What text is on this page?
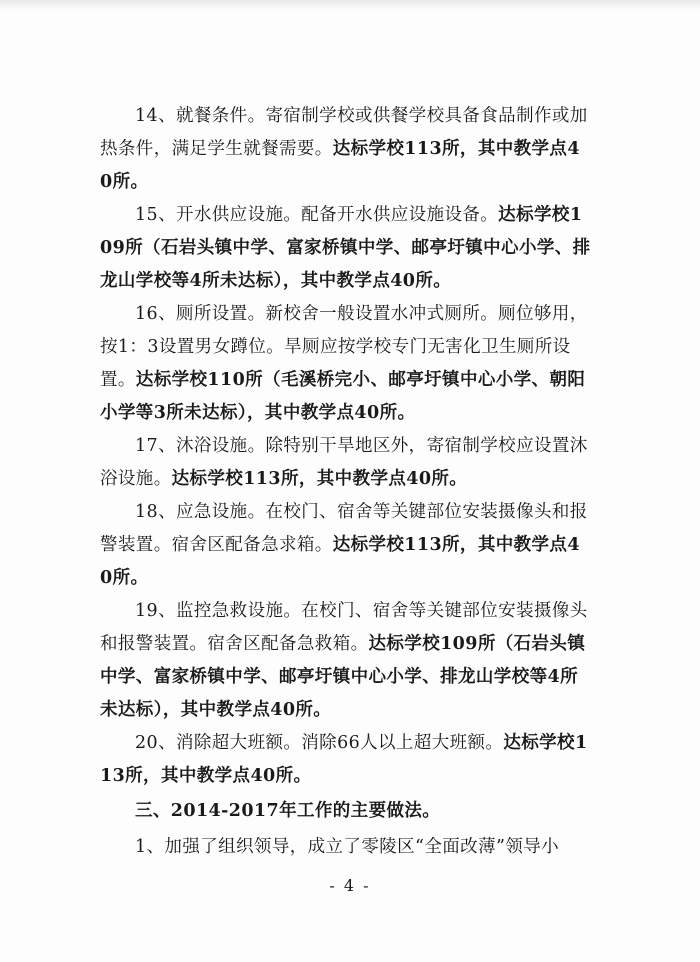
14、就餐条件。寄宿制学校或供餐学校具备食品制作或加热条件，满足学生就餐需要。达标学校113所，其中教学点40所。

15、开水供应设施。配备开水供应设施设备。达标学校109所（石岩头镇中学、富家桥镇中学、邮亭圩镇中心小学、排龙山学校等4所未达标），其中教学点40所。

16、厕所设置。新校舍一般设置水冲式厕所。厕位够用，按1：3设置男女蹲位。旱厕应按学校专门无害化卫生厕所设置。达标学校110所（毛溪桥完小、邮亭圩镇中心小学、朝阳小学等3所未达标），其中教学点40所。

17、沐浴设施。除特别干旱地区外，寄宿制学校应设置沐浴设施。达标学校113所，其中教学点40所。

18、应急设施。在校门、宿舍等关键部位安装摄像头和报警装置。宿舍区配备急求箱。达标学校113所，其中教学点40所。

19、监控急救设施。在校门、宿舍等关键部位安装摄像头和报警装置。宿舍区配备急救箱。达标学校109所（石岩头镇中学、富家桥镇中学、邮亭圩镇中心小学、排龙山学校等4所未达标），其中教学点40所。

20、消除超大班额。消除66人以上超大班额。达标学校113所，其中教学点40所。

三、2014-2017年工作的主要做法。

1、加强了组织领导，成立了零陵区“全面改薄”领导小

- 4 -
